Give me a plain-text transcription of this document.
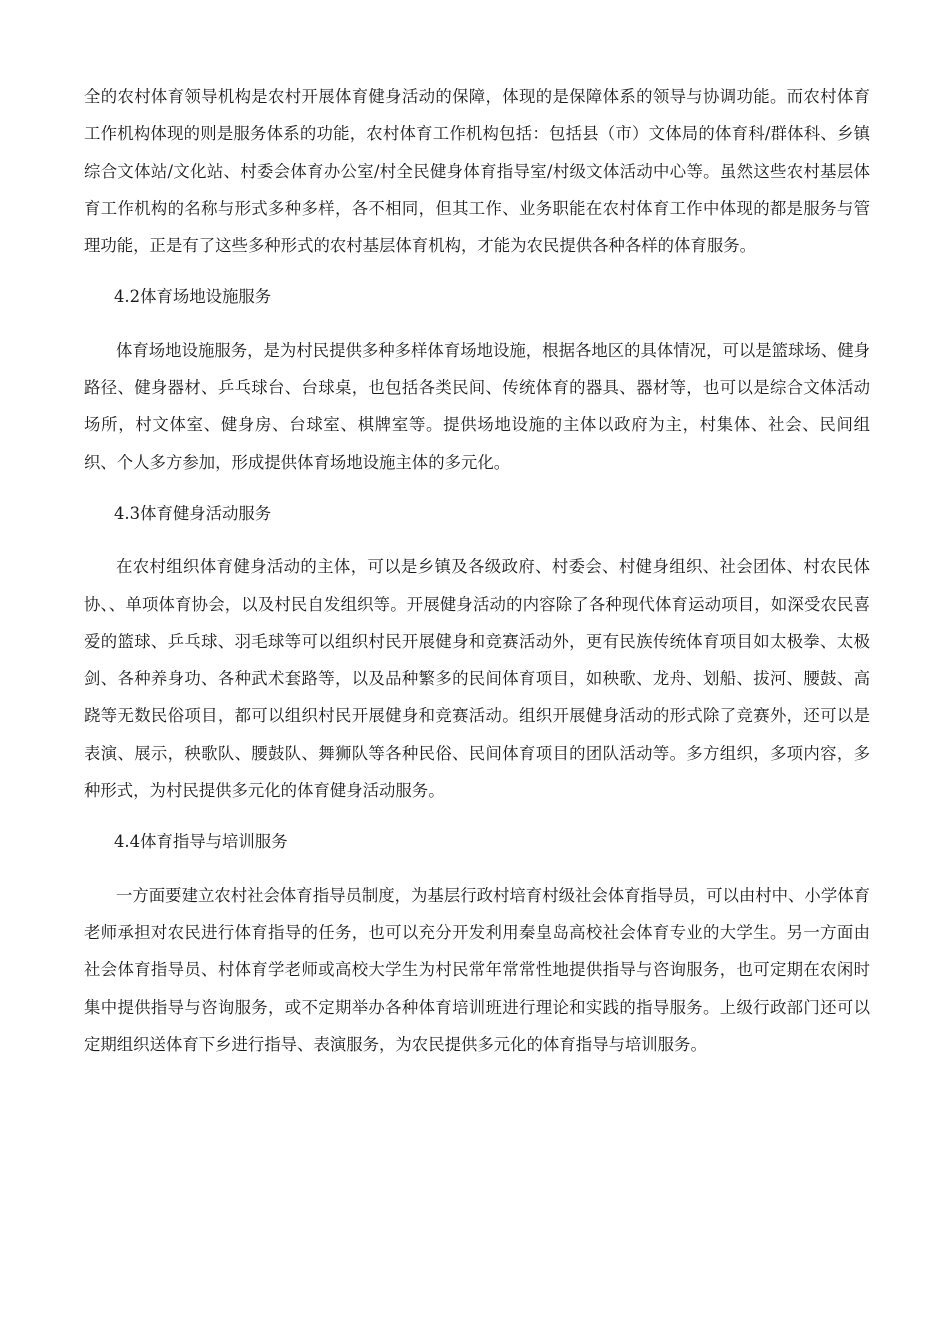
全的农村体育领导机构是农村开展体育健身活动的保障，体现的是保障体系的领导与协调功能。而农村体育工作机构体现的则是服务体系的功能，农村体育工作机构包括：包括县（市）文体局的体育科/群体科、乡镇综合文体站/文化站、村委会体育办公室/村全民健身体育指导室/村级文体活动中心等。虽然这些农村基层体育工作机构的名称与形式多种多样，各不相同，但其工作、业务职能在农村体育工作中体现的都是服务与管理功能，正是有了这些多种形式的农村基层体育机构，才能为农民提供各种各样的体育服务。

4.2体育场地设施服务

体育场地设施服务，是为村民提供多种多样体育场地设施，根据各地区的具体情况，可以是篮球场、健身路径、健身器材、乒乓球台、台球桌，也包括各类民间、传统体育的器具、器材等，也可以是综合文体活动场所，村文体室、健身房、台球室、棋牌室等。提供场地设施的主体以政府为主，村集体、社会、民间组织、个人多方参加，形成提供体育场地设施主体的多元化。

4.3体育健身活动服务

在农村组织体育健身活动的主体，可以是乡镇及各级政府、村委会、村健身组织、社会团体、村农民体协、、单项体育协会，以及村民自发组织等。开展健身活动的内容除了各种现代体育运动项目，如深受农民喜爱的篮球、乒乓球、羽毛球等可以组织村民开展健身和竞赛活动外，更有民族传统体育项目如太极拳、太极剑、各种养身功、各种武术套路等，以及品种繁多的民间体育项目，如秧歌、龙舟、划船、拔河、腰鼓、高跷等无数民俗项目，都可以组织村民开展健身和竞赛活动。组织开展健身活动的形式除了竞赛外，还可以是表演、展示，秧歌队、腰鼓队、舞狮队等各种民俗、民间体育项目的团队活动等。多方组织，多项内容，多种形式，为村民提供多元化的体育健身活动服务。

4.4体育指导与培训服务

一方面要建立农村社会体育指导员制度，为基层行政村培育村级社会体育指导员，可以由村中、小学体育老师承担对农民进行体育指导的任务，也可以充分开发利用秦皇岛高校社会体育专业的大学生。另一方面由社会体育指导员、村体育学老师或高校大学生为村民常年常常性地提供指导与咨询服务，也可定期在农闲时集中提供指导与咨询服务，或不定期举办各种体育培训班进行理论和实践的指导服务。上级行政部门还可以定期组织送体育下乡进行指导、表演服务，为农民提供多元化的体育指导与培训服务。
